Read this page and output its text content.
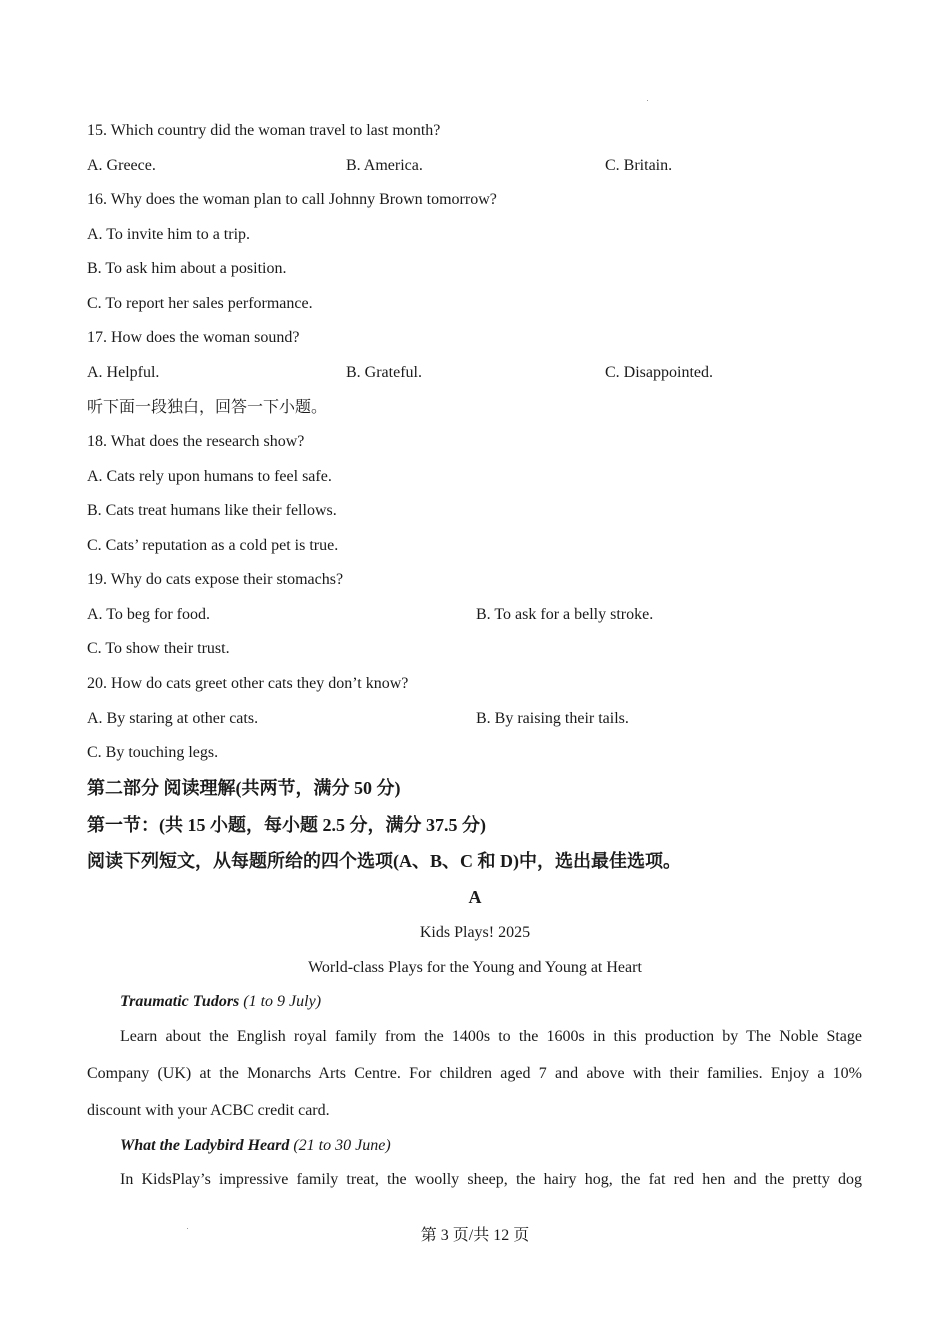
15. Which country did the woman travel to last month?
A. Greece.	B. America.	C. Britain.
16. Why does the woman plan to call Johnny Brown tomorrow?
A. To invite him to a trip.
B. To ask him about a position.
C. To report her sales performance.
17. How does the woman sound?
A. Helpful.	B. Grateful.	C. Disappointed.
听下面一段独白，回答一下小题。
18. What does the research show?
A. Cats rely upon humans to feel safe.
B. Cats treat humans like their fellows.
C. Cats’ reputation as a cold pet is true.
19. Why do cats expose their stomachs?
A. To beg for food.	B. To ask for a belly stroke.
C. To show their trust.
20. How do cats greet other cats they don’t know?
A. By staring at other cats.	B. By raising their tails.
C. By touching legs.
第二部分 阅读理解(共两节，满分 50 分)
第一节：(共 15 小题，每小题 2.5 分，满分 37.5 分)
阅读下列短文，从每题所给的四个选项(A、B、C 和 D)中，选出最佳选项。
A
Kids Plays! 2025
World-class Plays for the Young and Young at Heart
Traumatic Tudors (1 to 9 July)
Learn about the English royal family from the 1400s to the 1600s in this production by The Noble Stage
Company (UK) at the Monarchs Arts Centre. For children aged 7 and above with their families. Enjoy a 10%
discount with your ACBC credit card.
What the Ladybird Heard (21 to 30 June)
In KidsPlay’s impressive family treat, the woolly sheep, the hairy hog, the fat red hen and the pretty dog
第 3 页/共 12 页
